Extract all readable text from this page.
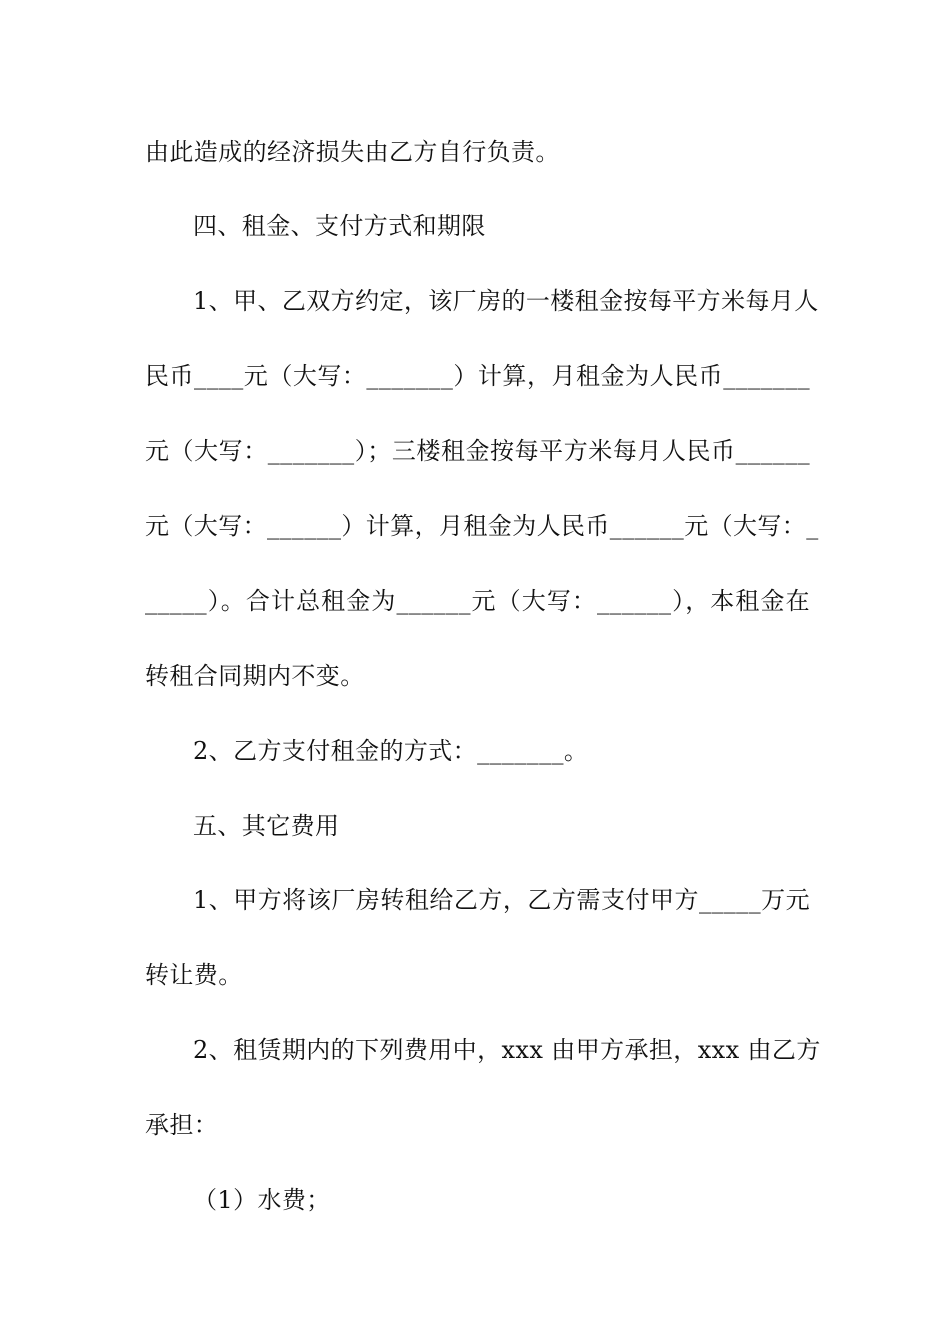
由此造成的经济损失由乙方自行负责。
四、租金、支付方式和期限
1、甲、乙双方约定，该厂房的一楼租金按每平方米每月人
民币____元（大写：_______）计算，月租金为人民币_______
元（大写：_______）；三楼租金按每平方米每月人民币______
元（大写：______）计算，月租金为人民币______元（大写：_
_____）。合计总租金为______元（大写：______），本租金在
转租合同期内不变。
2、乙方支付租金的方式：_______。
五、其它费用
1、甲方将该厂房转租给乙方，乙方需支付甲方_____万元
转让费。
2、租赁期内的下列费用中，xxx 由甲方承担，xxx 由乙方
承担：
（1）水费；
